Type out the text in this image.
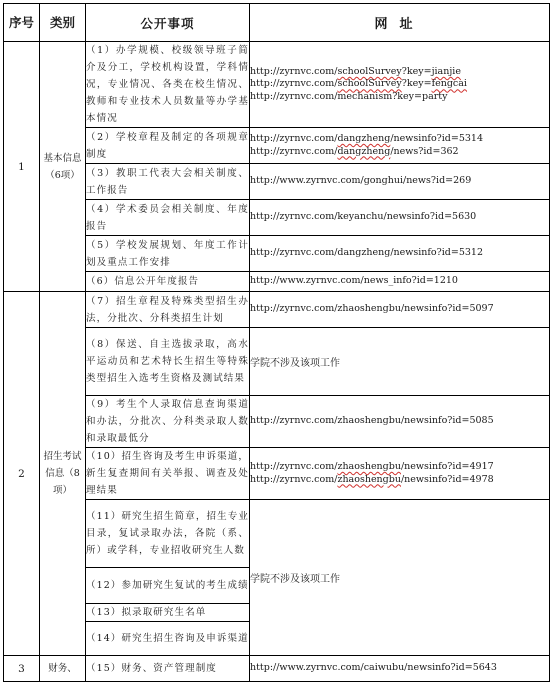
序号	类别	公开事项	网址
1	基本信息（6项）	（1）办学规模、校级领导班子简介及分工，学校机构设置，学科情况，专业情况、各类在校生情况、教师和专业技术人员数量等办学基本情况	http://zyrnvc.com/schoolSurvey?key=jianjie
http://zyrnvc.com/schoolSurvey?key=fengcai
http://zyrnvc.com/mechanism?key=party

		（2）学校章程及制定的各项规章制度	http://zyrnvc.com/dangzheng/newsinfo?id=5314
http://zyrnvc.com/dangzheng/news?id=362

		（3）教职工代表大会相关制度、工作报告	http://www.zyrnvc.com/gonghui/news?id=269

		（4）学术委员会相关制度、年度报告	http://zyrnvc.com/keyanchu/newsinfo?id=5630

		（5）学校发展规划、年度工作计划及重点工作安排	http://zyrnvc.com/dangzheng/newsinfo?id=5312

		（6）信息公开年度报告	http://www.zyrnvc.com/news_info?id=1210

2	招生考试信息（8项）	（7）招生章程及特殊类型招生办法，分批次、分科类招生计划	http://zyrnvc.com/zhaoshengbu/newsinfo?id=5097

		（8）保送、自主选拔录取，高水平运动员和艺术特长生招生等特殊类型招生入选考生资格及测试结果	学院不涉及该项工作
		（9）考生个人录取信息查询渠道和办法，分批次、分科类录取人数和录取最低分	http://zyrnvc.com/zhaoshengbu/newsinfo?id=5085

		（10）招生咨询及考生申诉渠道，新生复查期间有关举报、调查及处理结果	http://zyrnvc.com/zhaoshengbu/newsinfo?id=4917
http://zyrnvc.com/zhaoshengbu/newsinfo?id=4978

		（11）研究生招生简章，招生专业目录，复试录取办法，各院（系、所）或学科，专业招收研究生人数	学院不涉及该项工作
		（12）参加研究生复试的考生成绩	
		（13）拟录取研究生名单	
		（14）研究生招生咨询及申诉渠道	
3	财务、	（15）财务、资产管理制度	http://www.zyrnvc.com/caiwubu/newsinfo?id=5643
